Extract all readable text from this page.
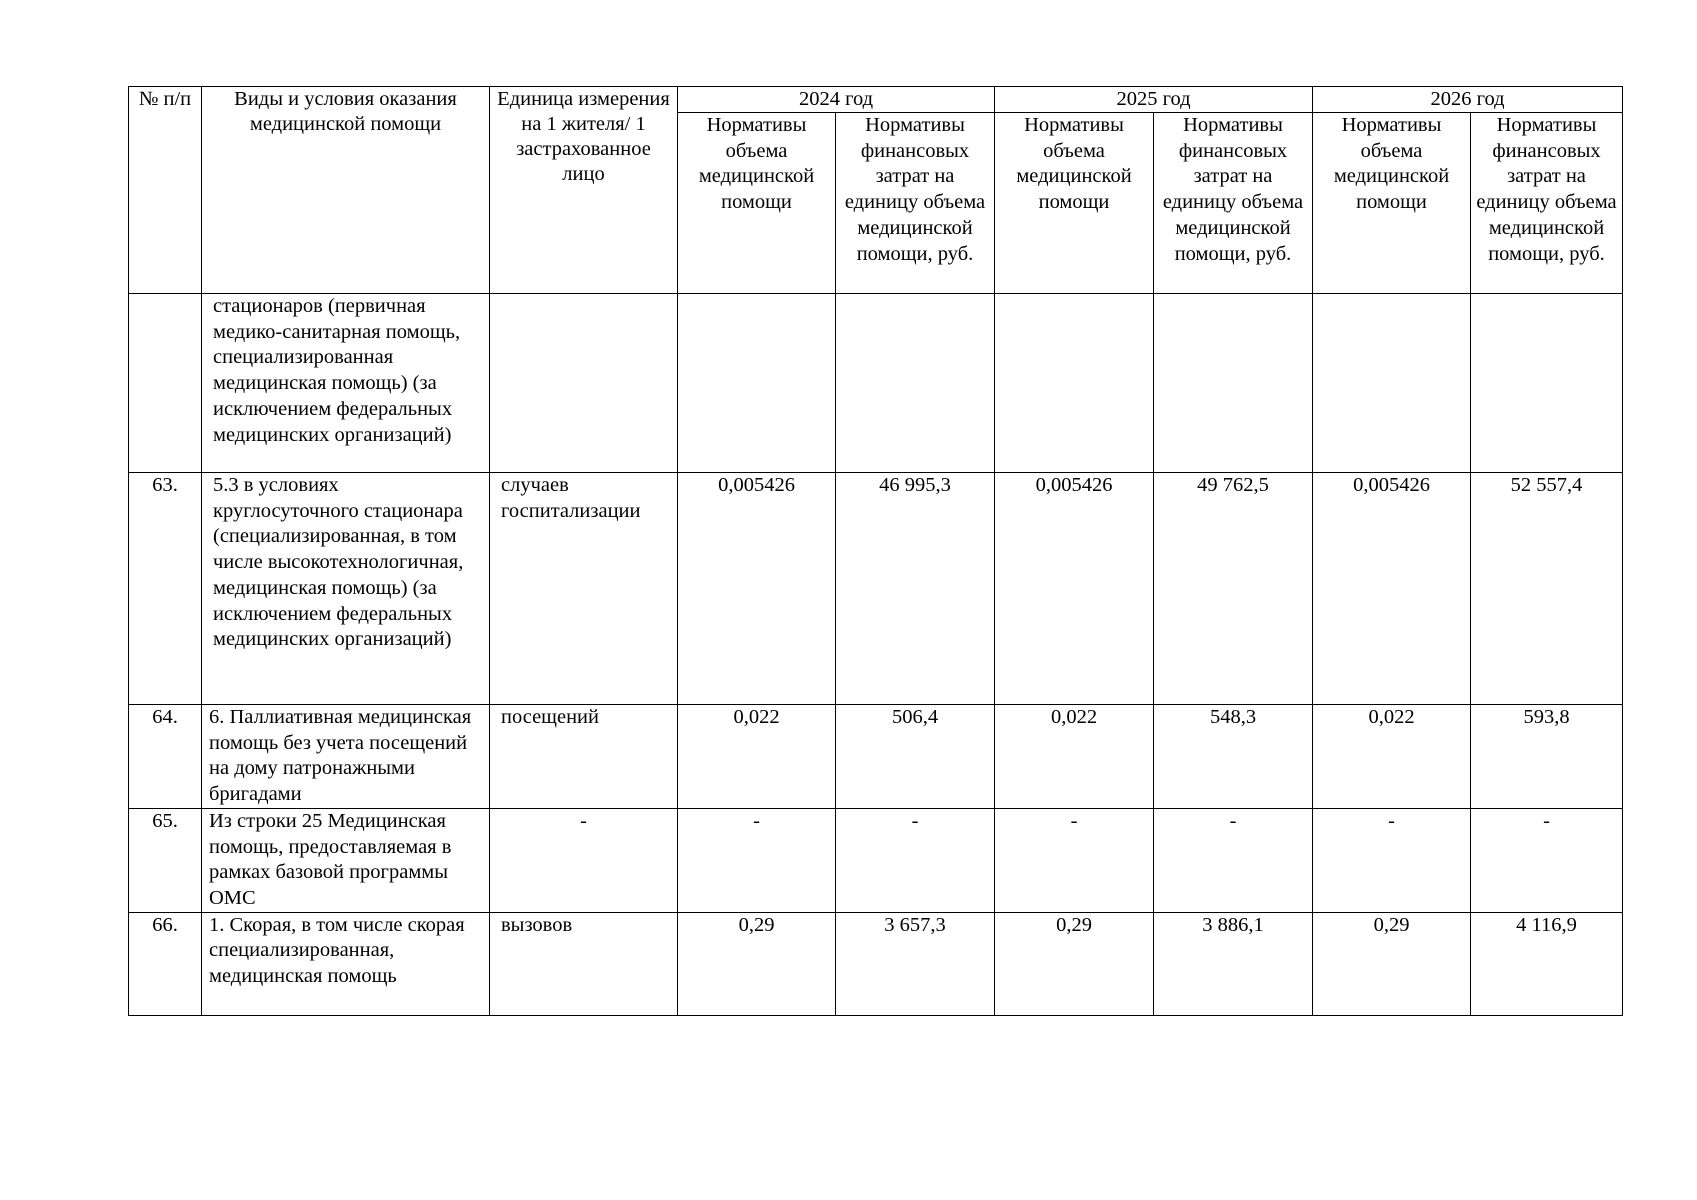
№ п/п	Виды и условия оказания медицинской помощи	Единица измерения на 1 жителя/ 1 застрахованное лицо	2024 год		2025 год		2026 год	
			Нормативы объема медицинской помощи	Нормативы финансовых затрат на единицу объема медицинской помощи, руб.	Нормативы объема медицинской помощи	Нормативы финансовых затрат на единицу объема медицинской помощи, руб.	Нормативы объема медицинской помощи	Нормативы финансовых затрат на единицу объема медицинской помощи, руб.
	стационаров (первичная медико-санитарная помощь, специализированная медицинская помощь) (за исключением федеральных медицинских организаций)							
63.	5.3 в условиях круглосуточного стационара (специализированная, в том числе высокотехнологичная, медицинская помощь) (за исключением федеральных медицинских организаций)	случаев госпитализации	0,005426	46 995,3	0,005426	49 762,5	0,005426	52 557,4
64.	6. Паллиативная медицинская помощь без учета посещений на дому патронажными бригадами	посещений	0,022	506,4	0,022	548,3	0,022	593,8
65.	Из строки 25 Медицинская помощь, предоставляемая в рамках базовой программы ОМС	-	-	-	-	-	-	-
66.	1. Скорая, в том числе скорая специализированная, медицинская помощь	вызовов	0,29	3 657,3	0,29	3 886,1	0,29	4 116,9
